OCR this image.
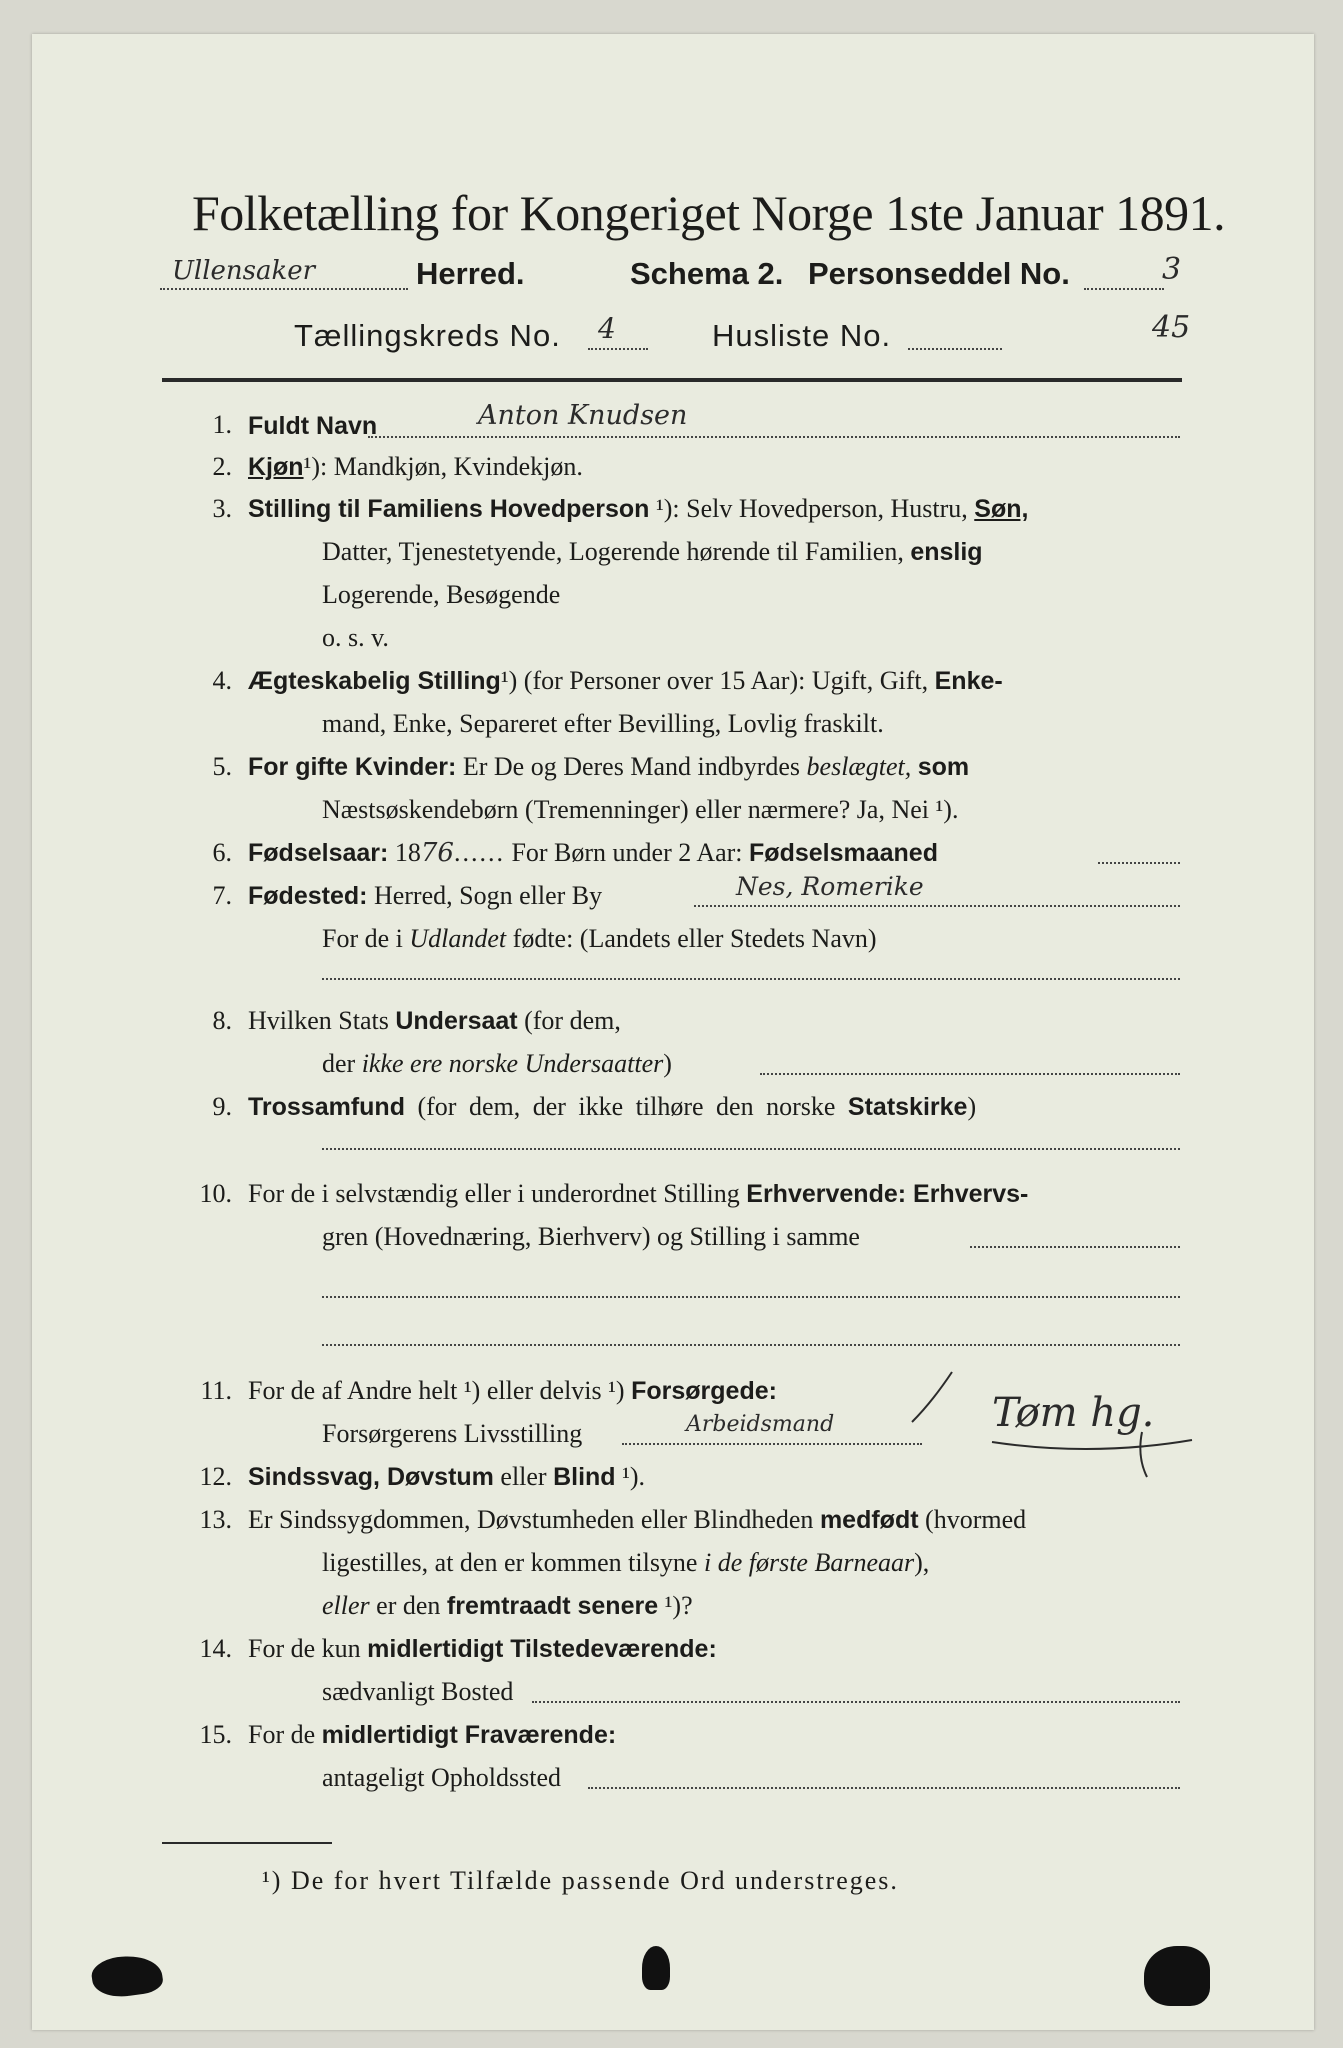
Folketælling for Kongeriget Norge 1ste Januar 1891.
Ullensaker	Herred.	Schema 2. Personseddel No.	3
Tællingskreds No. 4	Husliste No.	45
1. Fuldt Navn	Anton Knudsen
2. Kjøn¹): Mandkjøn, Kvindekjøn.
3. Stilling til Familiens Hovedperson ¹): Selv Hovedperson, Hustru, Søn,
Datter, Tjenestetyende, Logerende hørende til Familien, enslig
Logerende, Besøgende
o. s. v.
4. Ægteskabelig Stilling¹) (for Personer over 15 Aar): Ugift, Gift, Enke-
mand, Enke, Separeret efter Bevilling, Lovlig fraskilt.
5. For gifte Kvinder: Er De og Deres Mand indbyrdes beslægtet, som
Næstsøskendebørn (Tremenninger) eller nærmere? Ja, Nei ¹).
6. Fødselsaar: 1876...... For Børn under 2 Aar: Fødselsmaaned
7. Fødested: Herred, Sogn eller By	Nes, Romerike
For de i Udlandet fødte: (Landets eller Stedets Navn)
8. Hvilken Stats Undersaat (for dem,
der ikke ere norske Undersaatter)
9. Trossamfund (for dem, der ikke tilhøre den norske Statskirke)
10. For de i selvstændig eller i underordnet Stilling Erhvervende: Erhvervs-
gren (Hovednæring, Bierhverv) og Stilling i samme
11. For de af Andre helt ¹) eller delvis ¹) Forsørgede:
Forsørgerens Livsstilling	Arbeidsmand	Tøm hg.
12. Sindssvag, Døvstum eller Blind ¹).
13. Er Sindssygdommen, Døvstumheden eller Blindheden medfødt (hvormed
ligestilles, at den er kommen tilsyne i de første Barneaar),
eller er den fremtraadt senere ¹)?
14. For de kun midlertidigt Tilstedeværende:
sædvanligt Bosted
15. For de midlertidigt Fraværende:
antageligt Opholdssted
¹) De for hvert Tilfælde passende Ord understreges.
